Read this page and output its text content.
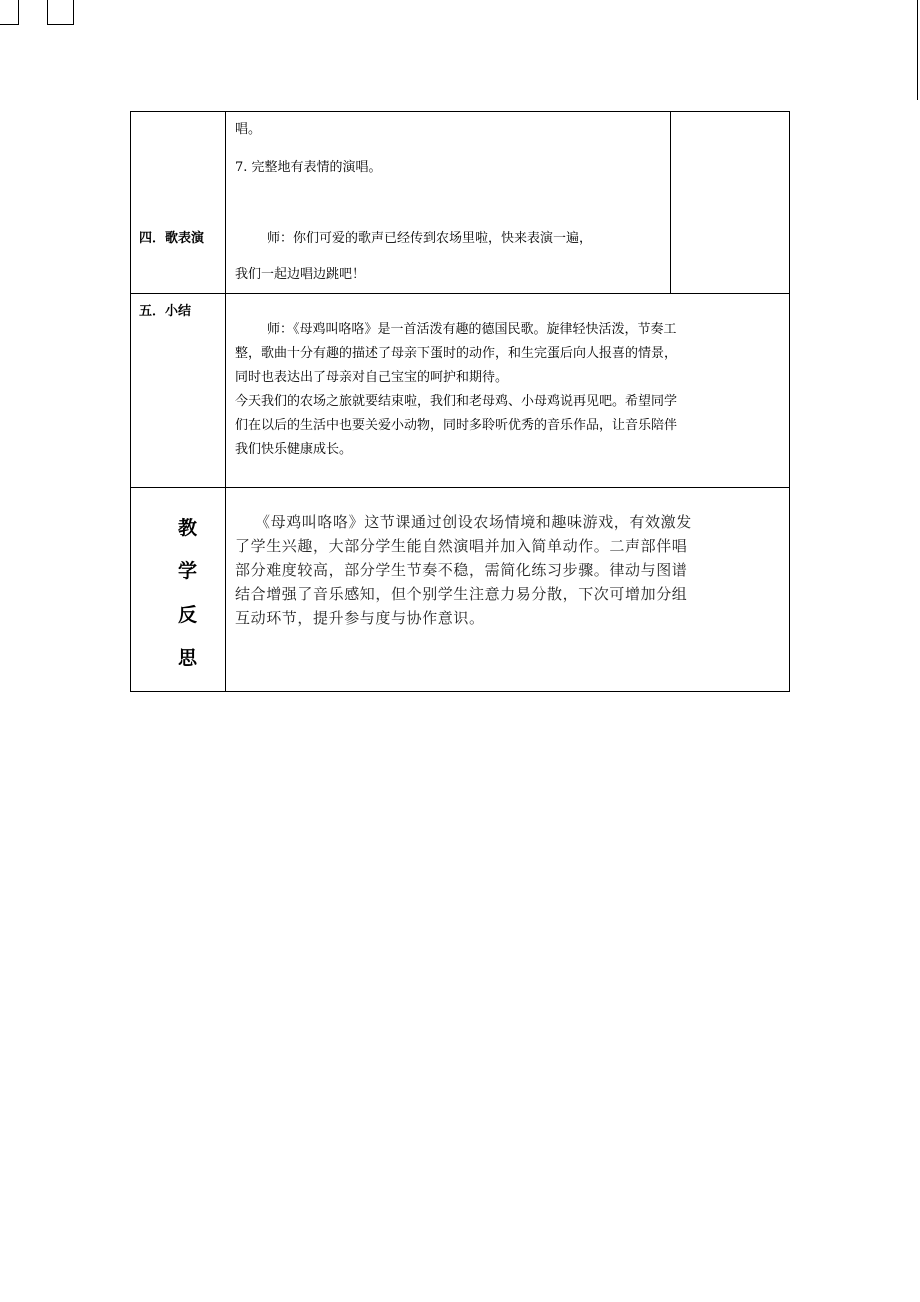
唱。
7. 完整地有表情的演唱。
四．歌表演	师：你们可爱的歌声已经传到农场里啦，快来表演一遍，
我们一起边唱边跳吧！
五．小结
师：《母鸡叫咯咯》是一首活泼有趣的德国民歌。旋律轻快活泼，节奏工
整，歌曲十分有趣的描述了母亲下蛋时的动作，和生完蛋后向人报喜的情景，
同时也表达出了母亲对自己宝宝的呵护和期待。
今天我们的农场之旅就要结束啦，我们和老母鸡、小母鸡说再见吧。希望同学
们在以后的生活中也要关爱小动物，同时多聆听优秀的音乐作品，让音乐陪伴
我们快乐健康成长。
教
学
反
思
《母鸡叫咯咯》这节课通过创设农场情境和趣味游戏，有效激发
了学生兴趣，大部分学生能自然演唱并加入简单动作。二声部伴唱
部分难度较高，部分学生节奏不稳，需简化练习步骤。律动与图谱
结合增强了音乐感知，但个别学生注意力易分散，下次可增加分组
互动环节，提升参与度与协作意识。
